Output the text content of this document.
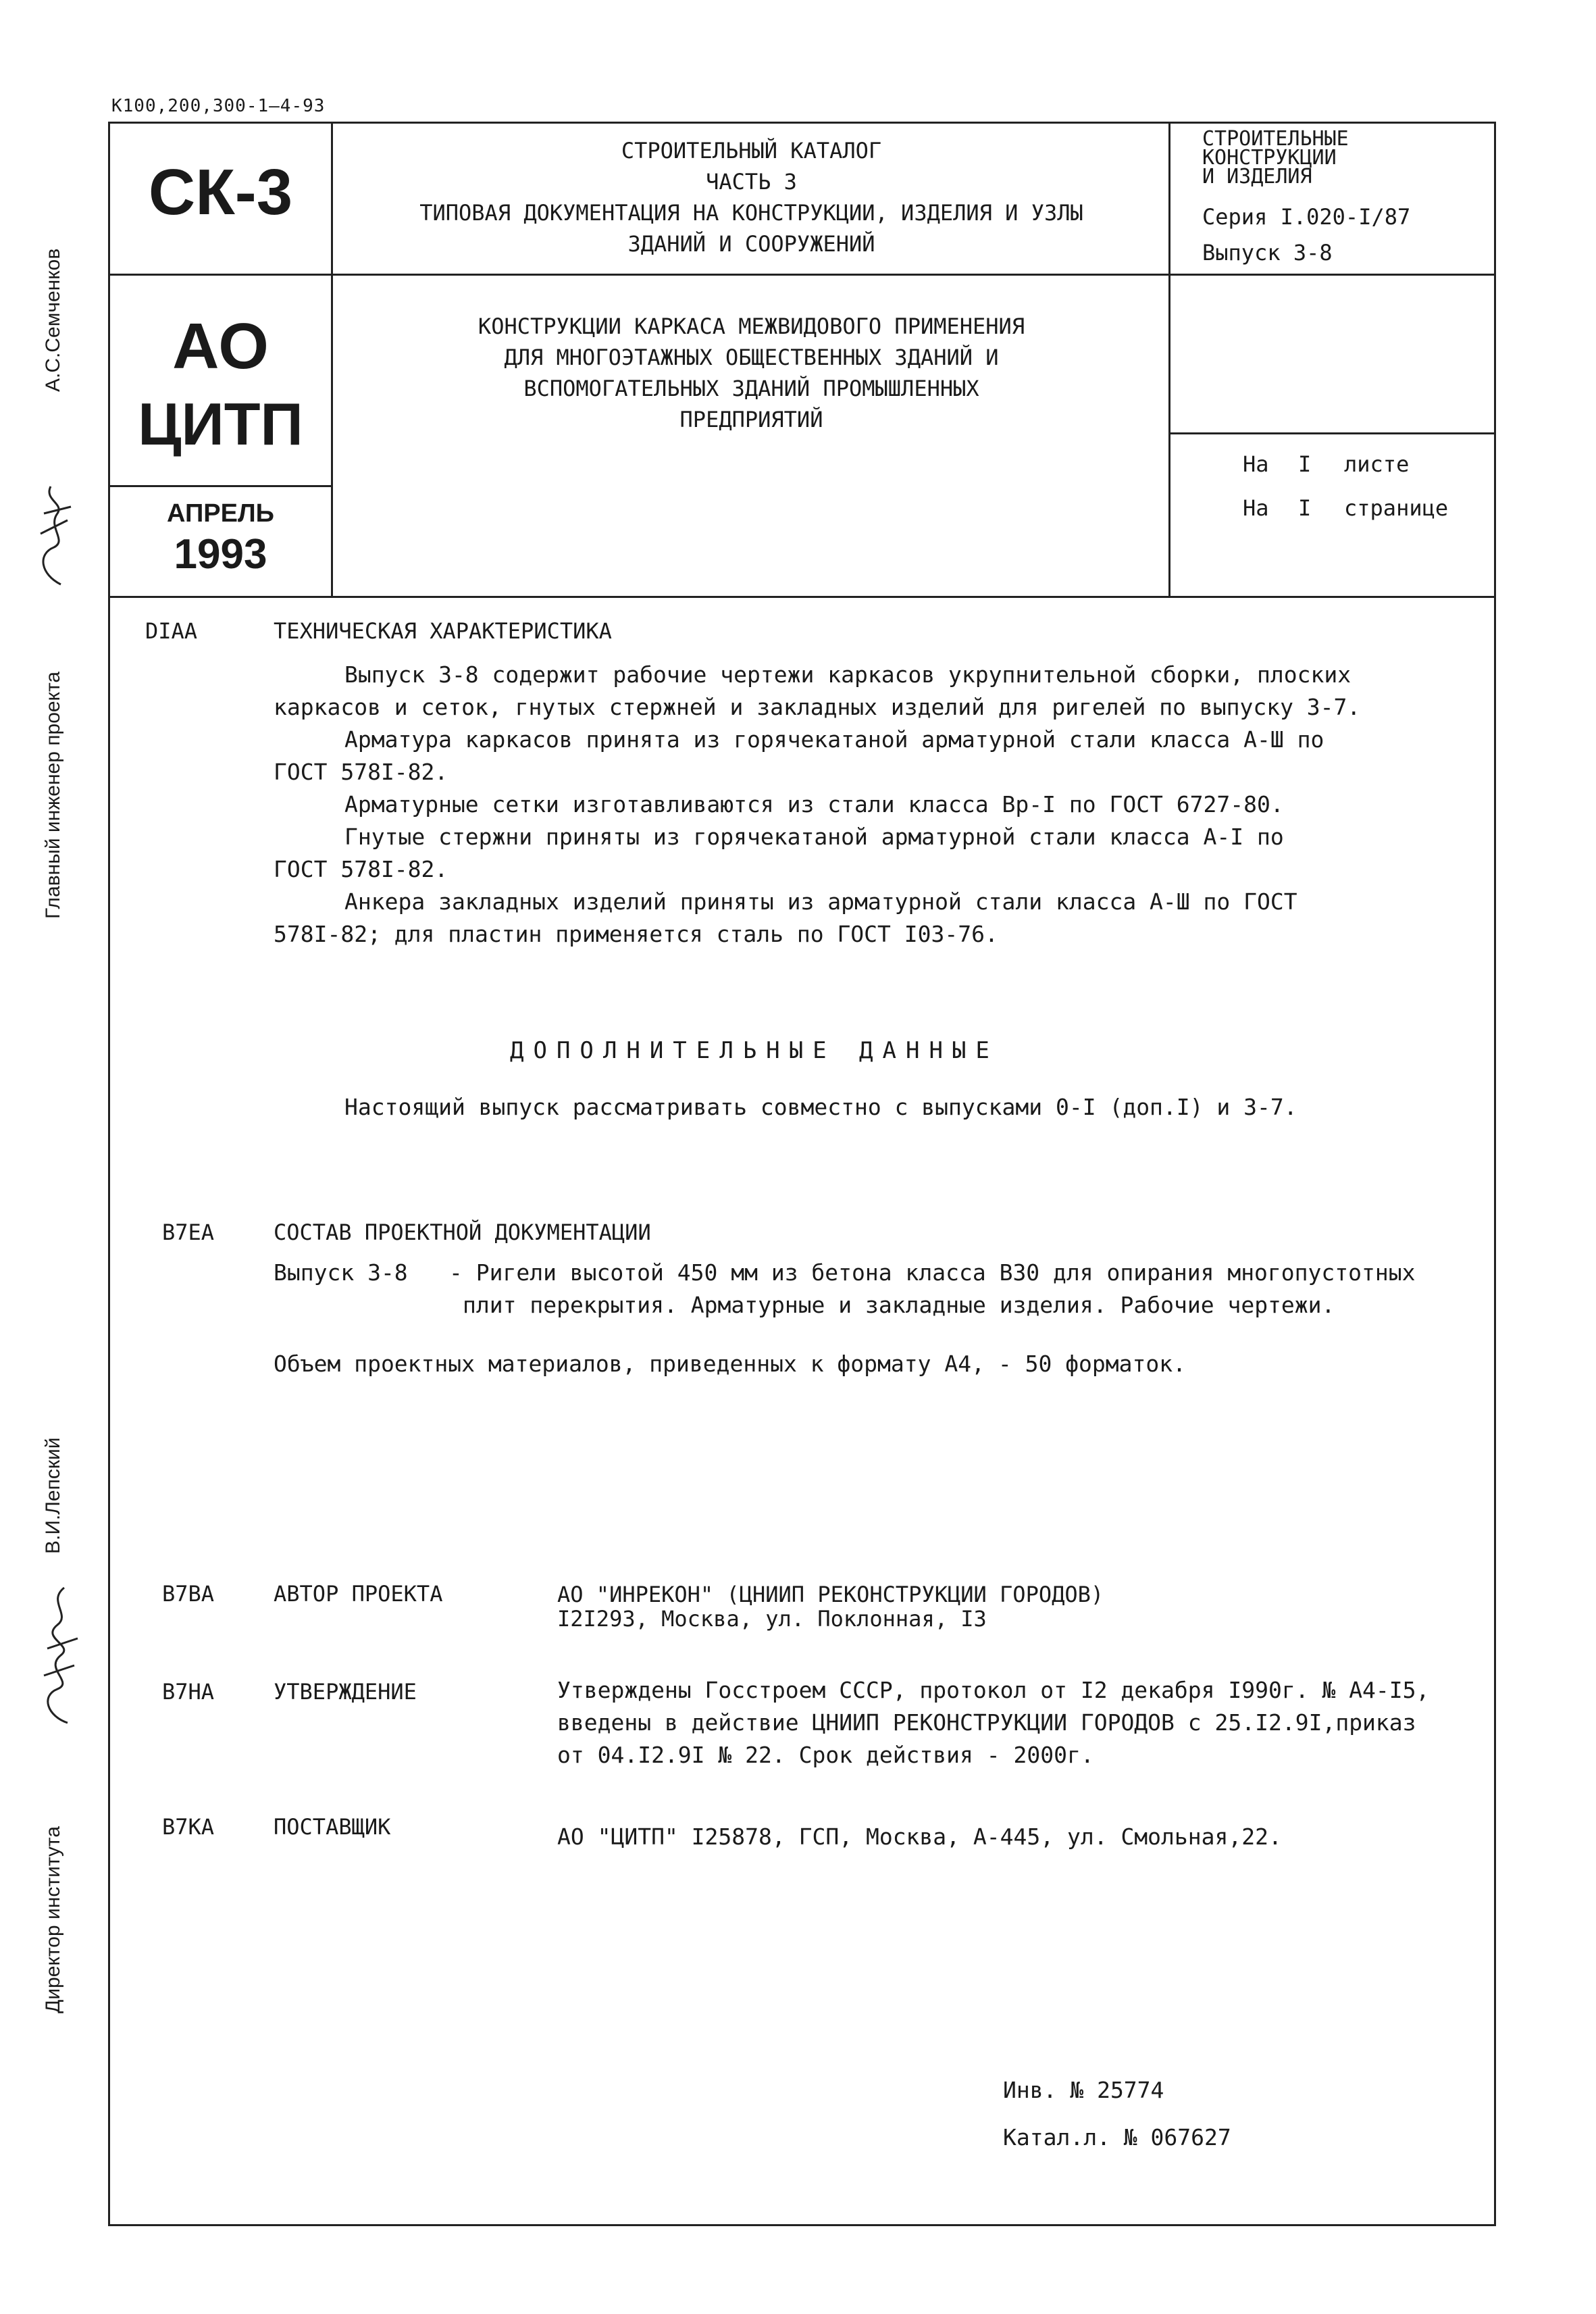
К100,200,300-1—4-93
Главный инженер проекта
А.С.Семченков
Директор института
В.И.Лепский
СК-3
АО
ЦИТП
АПРЕЛЬ
1993
СТРОИТЕЛЬНЫЙ КАТАЛОГ
ЧАСТЬ 3
ТИПОВАЯ ДОКУМЕНТАЦИЯ НА КОНСТРУКЦИИ, ИЗДЕЛИЯ И УЗЛЫ
ЗДАНИЙ И СООРУЖЕНИЙ
КОНСТРУКЦИИ КАРКАСА МЕЖВИДОВОГО ПРИМЕНЕНИЯ
ДЛЯ МНОГОЭТАЖНЫХ ОБЩЕСТВЕННЫХ ЗДАНИЙ И
ВСПОМОГАТЕЛЬНЫХ ЗДАНИЙ ПРОМЫШЛЕННЫХ
ПРЕДПРИЯТИЙ
СТРОИТЕЛЬНЫЕ
КОНСТРУКЦИИ
И ИЗДЕЛИЯ
Серия I.020-I/87
Выпуск 3-8
На I листе
На I странице
DIAA	ТЕХНИЧЕСКАЯ ХАРАКТЕРИСТИКА
Выпуск 3-8 содержит рабочие чертежи каркасов укрупнительной сборки, плоских
каркасов и сеток, гнутых стержней и закладных изделий для ригелей по выпуску 3-7.
Арматура каркасов принята из горячекатаной арматурной стали класса А-Ш по
ГОСТ 578I-82.
Арматурные сетки изготавливаются из стали класса Вр-I по ГОСТ 6727-80.
Гнутые стержни приняты из горячекатаной арматурной стали класса А-I по
ГОСТ 578I-82.
Анкера закладных изделий приняты из арматурной стали класса А-Ш по ГОСТ
578I-82; для пластин применяется сталь по ГОСТ I03-76.
ДОПОЛНИТЕЛЬНЫЕ ДАННЫЕ
Настоящий выпуск рассматривать совместно с выпусками 0-I (доп.I) и 3-7.
B7EA	СОСТАВ ПРОЕКТНОЙ ДОКУМЕНТАЦИИ
Выпуск 3-8 - Ригели высотой 450 мм из бетона класса В30 для опирания многопустотных
плит перекрытия. Арматурные и закладные изделия. Рабочие чертежи.
Объем проектных материалов, приведенных к формату А4, - 50 форматок.
B7BA	АВТОР ПРОЕКТА	АО "ИНРЕКОН" (ЦНИИП РЕКОНСТРУКЦИИ ГОРОДОВ)
I2I293, Москва, ул. Поклонная, I3
B7HA	УТВЕРЖДЕНИЕ	Утверждены Госстроем СССР, протокол от I2 декабря I990г. № А4-I5,
введены в действие ЦНИИП РЕКОНСТРУКЦИИ ГОРОДОВ с 25.I2.9I,приказ
от 04.I2.9I № 22. Срок действия - 2000г.
B7KA	ПОСТАВЩИК	АО "ЦИТП" I25878, ГСП, Москва, А-445, ул. Смольная,22.
Инв. № 25774
Катал.л. № 067627
